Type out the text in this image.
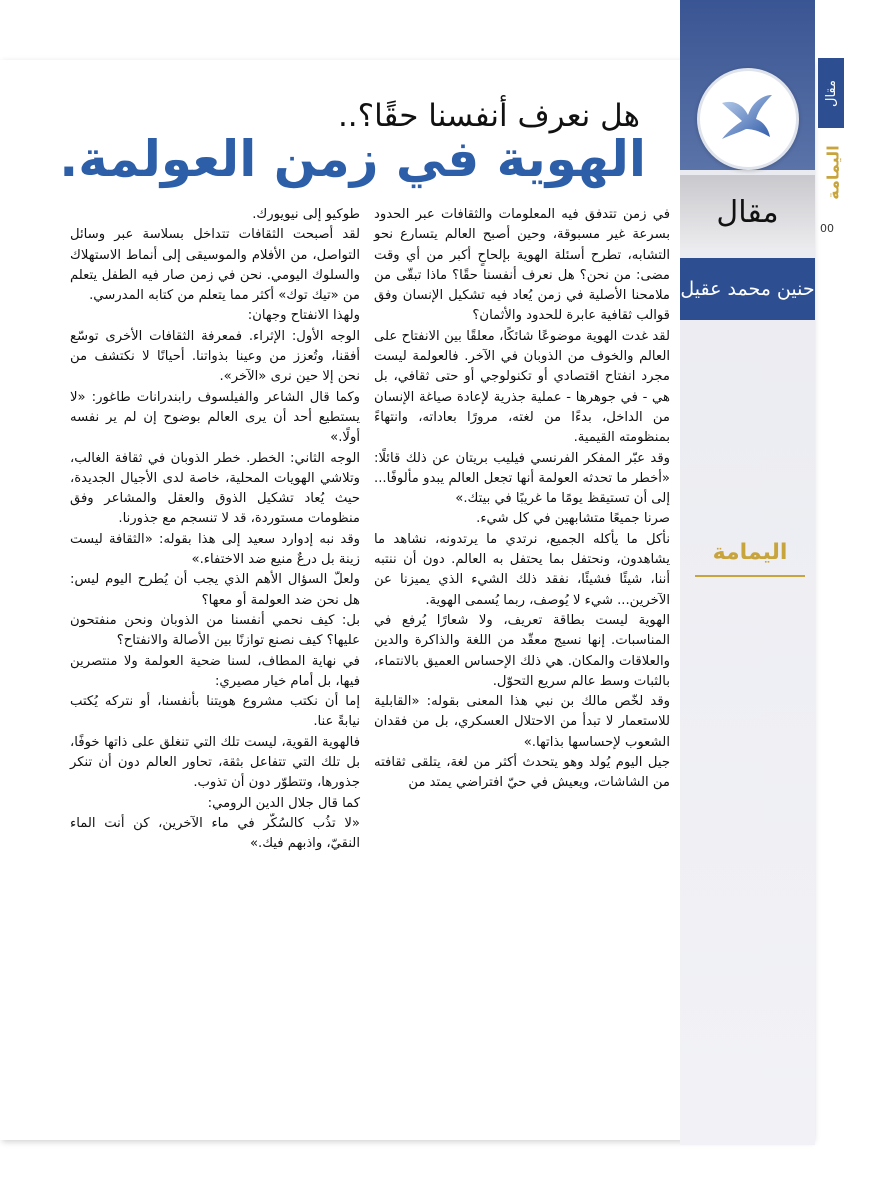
مقال
حنين محمد عقيل
مقال
اليمامة
00
اليمامة
هل نعرف أنفسنا حقًا؟..
الهوية في زمن العولمة.

في زمن تتدفق فيه المعلومات والثقافات عبر الحدود بسرعة غير مسبوقة، وحين أصبح العالم يتسارع نحو التشابه، تطرح أسئلة الهوية بإلحاحٍ أكبر من أي وقت مضى: من نحن؟ هل نعرف أنفسنا حقًا؟ ماذا تبقّى من ملامحنا الأصلية في زمن يُعاد فيه تشكيل الإنسان وفق قوالب ثقافية عابرة للحدود والأثمان؟

لقد غدت الهوية موضوعًا شائكًا، معلقًا بين الانفتاح على العالم والخوف من الذوبان في الآخر. فالعولمة ليست مجرد انفتاح اقتصادي أو تكنولوجي أو حتى ثقافي، بل هي - في جوهرها - عملية جذرية لإعادة صياغة الإنسان من الداخل، بدءًا من لغته، مرورًا بعاداته، وانتهاءً بمنظومته القيمية.

وقد عبّر المفكر الفرنسي فيليب بريتان عن ذلك قائلًا: «أخطر ما تحدثه العولمة أنها تجعل العالم يبدو مألوفًا... إلى أن تستيقظ يومًا ما غريبًا في بيتك.»

صرنا جميعًا متشابهين في كل شيء.

نأكل ما يأكله الجميع، نرتدي ما يرتدونه، نشاهد ما يشاهدون، ونحتفل بما يحتفل به العالم. دون أن ننتبه أننا، شيئًا فشيئًا، نفقد ذلك الشيء الذي يميزنا عن الآخرين... شيء لا يُوصف، ربما يُسمى الهوية.

الهوية ليست بطاقة تعريف، ولا شعارًا يُرفع في المناسبات. إنها نسيج معقّد من اللغة والذاكرة والدين والعلاقات والمكان. هي ذلك الإحساس العميق بالانتماء، بالثبات وسط عالم سريع التحوّل.

وقد لخّص مالك بن نبي هذا المعنى بقوله: «القابلية للاستعمار لا تبدأ من الاحتلال العسكري، بل من فقدان الشعوب لإحساسها بذاتها.»

جيل اليوم يُولد وهو يتحدث أكثر من لغة، يتلقى ثقافته من الشاشات، ويعيش في حيّ افتراضي يمتد من

طوكيو إلى نيويورك.

لقد أصبحت الثقافات تتداخل بسلاسة عبر وسائل التواصل، من الأفلام والموسيقى إلى أنماط الاستهلاك والسلوك اليومي. نحن في زمن صار فيه الطفل يتعلم من «تيك توك» أكثر مما يتعلم من كتابه المدرسي.

ولهذا الانفتاح وجهان:

الوجه الأول: الإثراء. فمعرفة الثقافات الأخرى توسّع أفقنا، وتُعزز من وعينا بذواتنا. أحيانًا لا نكتشف من نحن إلا حين نرى «الآخر».

وكما قال الشاعر والفيلسوف رابندرانات طاغور: «لا يستطيع أحد أن يرى العالم بوضوح إن لم ير نفسه أولًا.»

الوجه الثاني: الخطر. خطر الذوبان في ثقافة الغالب، وتلاشي الهويات المحلية، خاصة لدى الأجيال الجديدة، حيث يُعاد تشكيل الذوق والعقل والمشاعر وفق منظومات مستوردة، قد لا تنسجم مع جذورنا.

وقد نبه إدوارد سعيد إلى هذا بقوله: «الثقافة ليست زينة بل درعٌ منيع ضد الاختفاء.»

ولعلّ السؤال الأهم الذي يجب أن يُطرح اليوم ليس: هل نحن ضد العولمة أو معها؟

بل: كيف نحمي أنفسنا من الذوبان ونحن منفتحون عليها؟ كيف نصنع توازنًا بين الأصالة والانفتاح؟

في نهاية المطاف، لسنا ضحية العولمة ولا منتصرين فيها، بل أمام خيار مصيري:

إما أن نكتب مشروع هويتنا بأنفسنا، أو نتركه يُكتب نيابةً عنا.

فالهوية القوية، ليست تلك التي تنغلق على ذاتها خوفًا، بل تلك التي تتفاعل بثقة، تحاور العالم دون أن تنكر جذورها، وتتطوّر دون أن تذوب.

كما قال جلال الدين الرومي:

«لا تذُب كالسُكّر في ماء الآخرين، كن أنت الماء النقيّ، واذبهم فيك.»
